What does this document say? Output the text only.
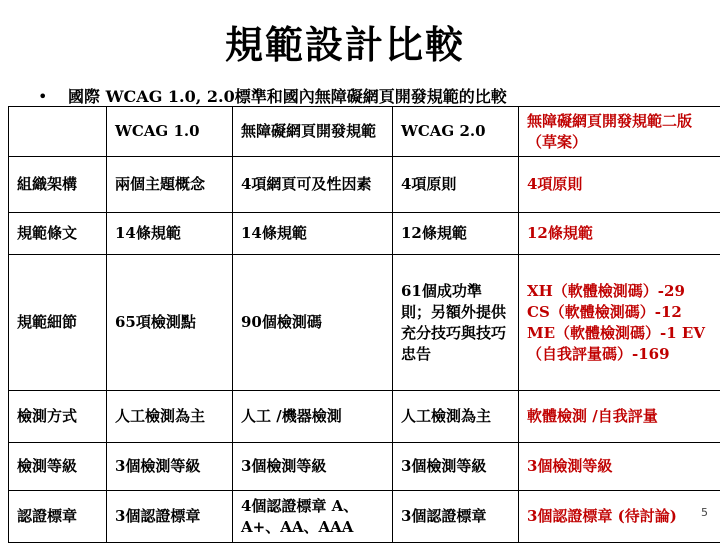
規範設計比較
• 國際 WCAG 1.0, 2.0標準和國內無障礙網頁開發規範的比較
	WCAG 1.0	無障礙網頁開發規範	WCAG 2.0	無障礙網頁開發規範二版（草案）
組織架構	兩個主題概念	4項網頁可及性因素	4項原則	4項原則
規範條文	14條規範	14條規範	12條規範	12條規範
規範細節	65項檢測點	90個檢測碼	61個成功準則；另額外提供充分技巧與技巧忠告	XH（軟體檢測碼）-29 CS（軟體檢測碼）-12 ME（軟體檢測碼）-1 EV（自我評量碼）-169
檢測方式	人工檢測為主	人工 /機器檢測	人工檢測為主	軟體檢測 /自我評量
檢測等級	3個檢測等級	3個檢測等級	3個檢測等級	3個檢測等級
認證標章	3個認證標章	4個認證標章 A、A+、AA、AAA	3個認證標章	3個認證標章 (待討論) 5
